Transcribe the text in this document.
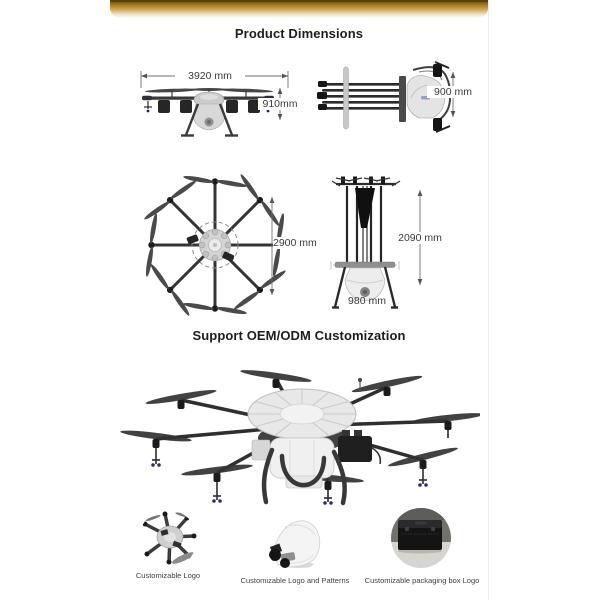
Product Dimensions
3920 mm
910mm
900 mm
2900 mm	2090 mm
980 mm
Support OEM/ODM Customization
Customizable Logo
Customizable Logo and Patterns	Customizable packaging box Logo
